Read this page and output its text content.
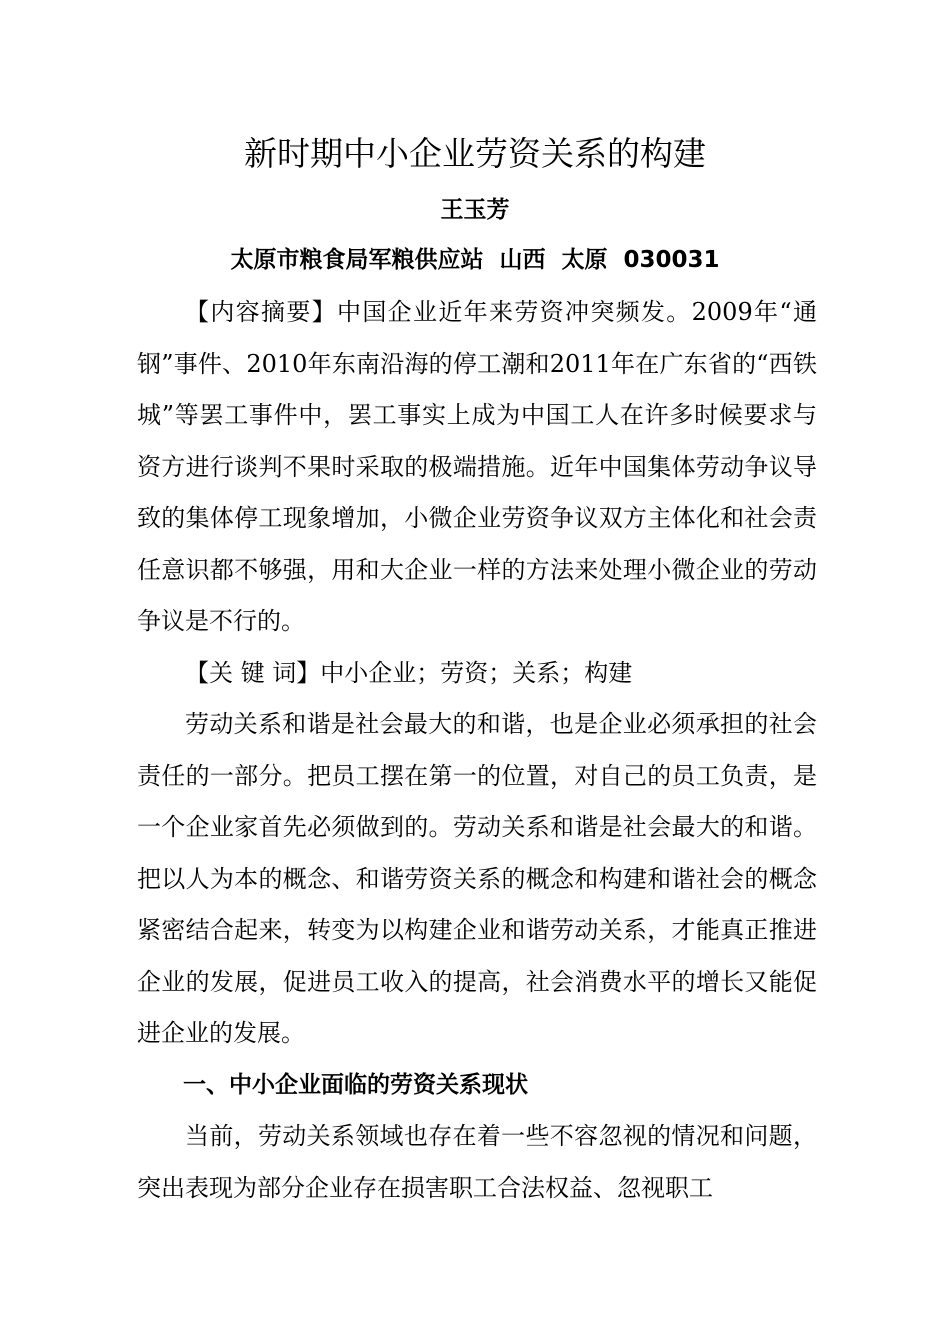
新时期中小企业劳资关系的构建
王玉芳
太原市粮食局军粮供应站  山西  太原  030031

【内容摘要】中国企业近年来劳资冲突频发。2009年“通钢”事件、2010年东南沿海的停工潮和2011年在广东省的“西铁城”等罢工事件中，罢工事实上成为中国工人在许多时候要求与资方进行谈判不果时采取的极端措施。近年中国集体劳动争议导致的集体停工现象增加，小微企业劳资争议双方主体化和社会责任意识都不够强，用和大企业一样的方法来处理小微企业的劳动争议是不行的。

【关 键 词】中小企业；劳资；关系；构建

劳动关系和谐是社会最大的和谐，也是企业必须承担的社会责任的一部分。把员工摆在第一的位置，对自己的员工负责，是一个企业家首先必须做到的。劳动关系和谐是社会最大的和谐。把以人为本的概念、和谐劳资关系的概念和构建和谐社会的概念紧密结合起来，转变为以构建企业和谐劳动关系，才能真正推进企业的发展，促进员工收入的提高，社会消费水平的增长又能促进企业的发展。

一、中小企业面临的劳资关系现状

当前，劳动关系领域也存在着一些不容忽视的情况和问题，突出表现为部分企业存在损害职工合法权益、忽视职工
